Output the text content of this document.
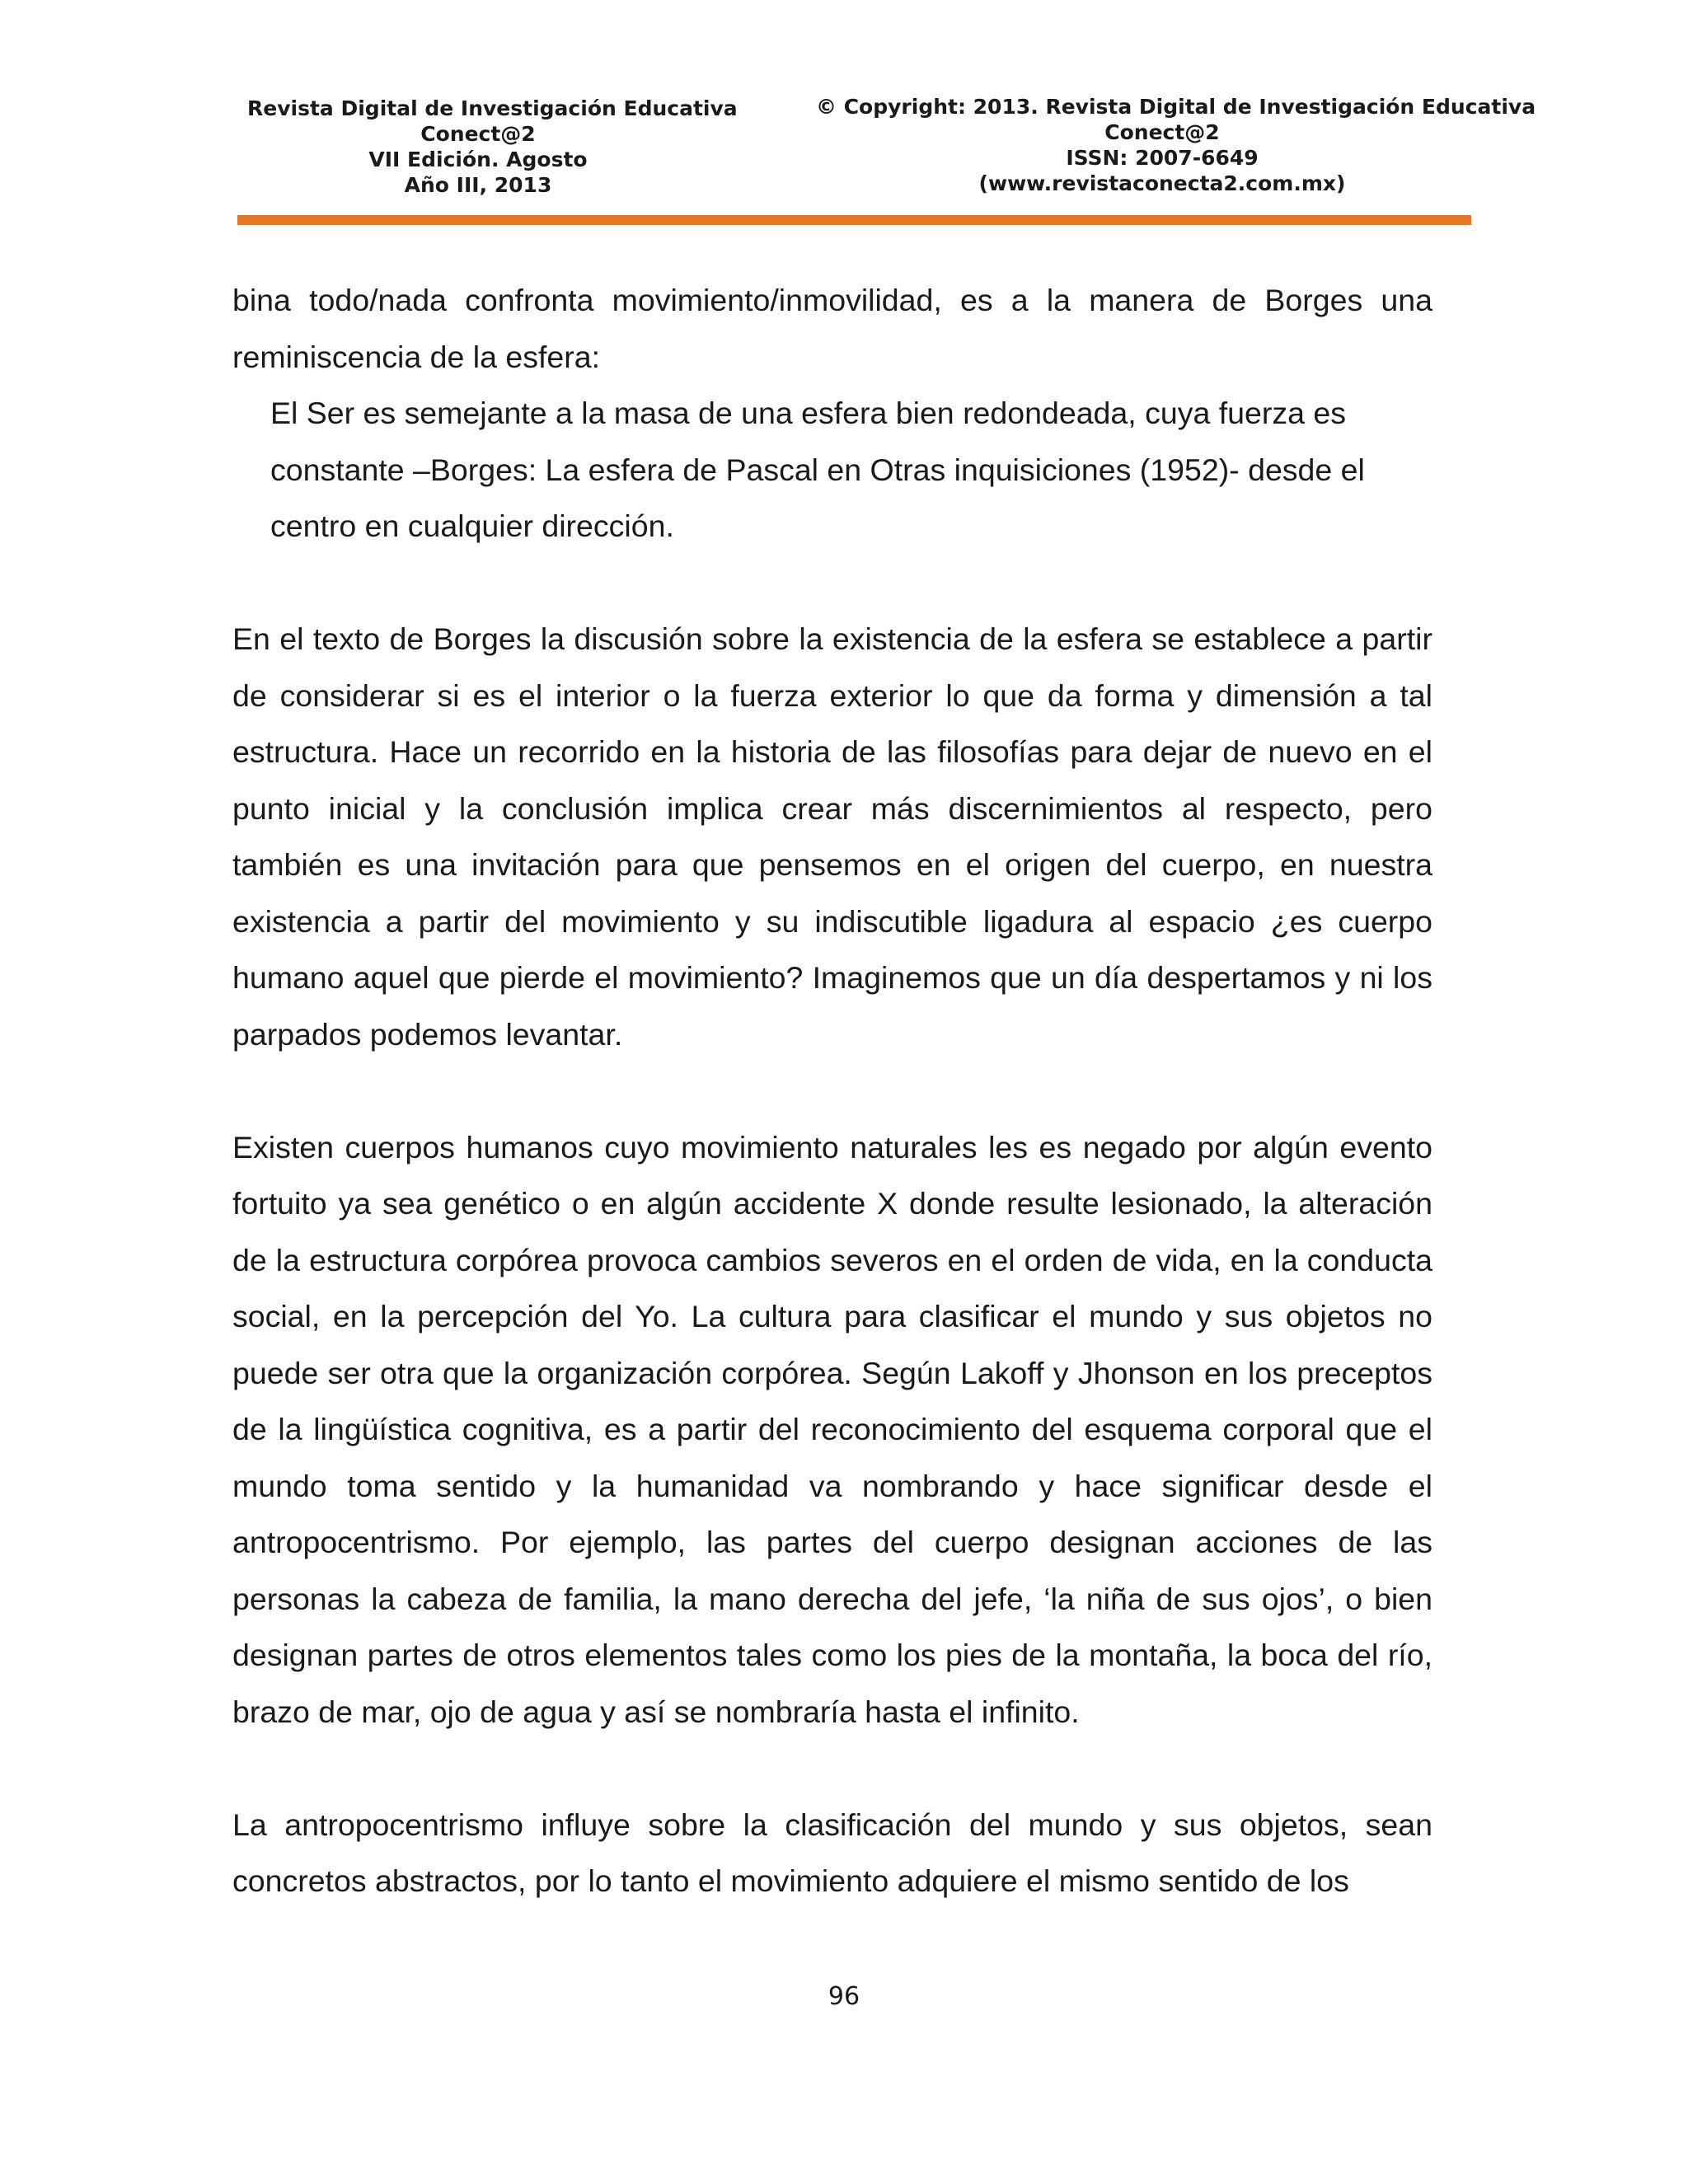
Revista Digital de Investigación Educativa
Conect@2
VII Edición. Agosto
Año III, 2013
© Copyright: 2013. Revista Digital de Investigación Educativa
Conect@2
ISSN: 2007-6649
(www.revistaconecta2.com.mx)

bina todo/nada confronta movimiento/inmovilidad, es a la manera de Borges una reminiscencia de la esfera:

El Ser es semejante a la masa de una esfera bien redondeada, cuya fuerza es constante –Borges: La esfera de Pascal en Otras inquisiciones (1952)- desde el centro en cualquier dirección.

En el texto de Borges la discusión sobre la existencia de la esfera se establece a partir de considerar si es el interior o la fuerza exterior lo que da forma y dimensión a tal estructura. Hace un recorrido en la historia de las filosofías para dejar de nuevo en el punto inicial y la conclusión implica crear más discernimientos al respecto, pero también es una invitación para que pensemos en el origen del cuerpo, en nuestra existencia a partir del movimiento y su indiscutible ligadura al espacio ¿es cuerpo humano aquel que pierde el movimiento? Imaginemos que un día despertamos y ni los parpados podemos levantar.

Existen cuerpos humanos cuyo movimiento naturales les es negado por algún evento fortuito ya sea genético o en algún accidente X donde resulte lesionado, la alteración de la estructura corpórea provoca cambios severos en el orden de vida, en la conducta social, en la percepción del Yo. La cultura para clasificar el mundo y sus objetos no puede ser otra que la organización corpórea. Según Lakoff y Jhonson en los preceptos de la lingüística cognitiva, es a partir del reconocimiento del esquema corporal que el mundo toma sentido y la humanidad va nombrando y hace significar desde el antropocentrismo. Por ejemplo, las partes del cuerpo designan acciones de las personas la cabeza de familia, la mano derecha del jefe, ‘la niña de sus ojos’, o bien designan partes de otros elementos tales como los pies de la montaña, la boca del río, brazo de mar, ojo de agua y así se nombraría hasta el infinito.

La antropocentrismo influye sobre la clasificación del mundo y sus objetos, sean concretos abstractos, por lo tanto el movimiento adquiere el mismo sentido de los

96
